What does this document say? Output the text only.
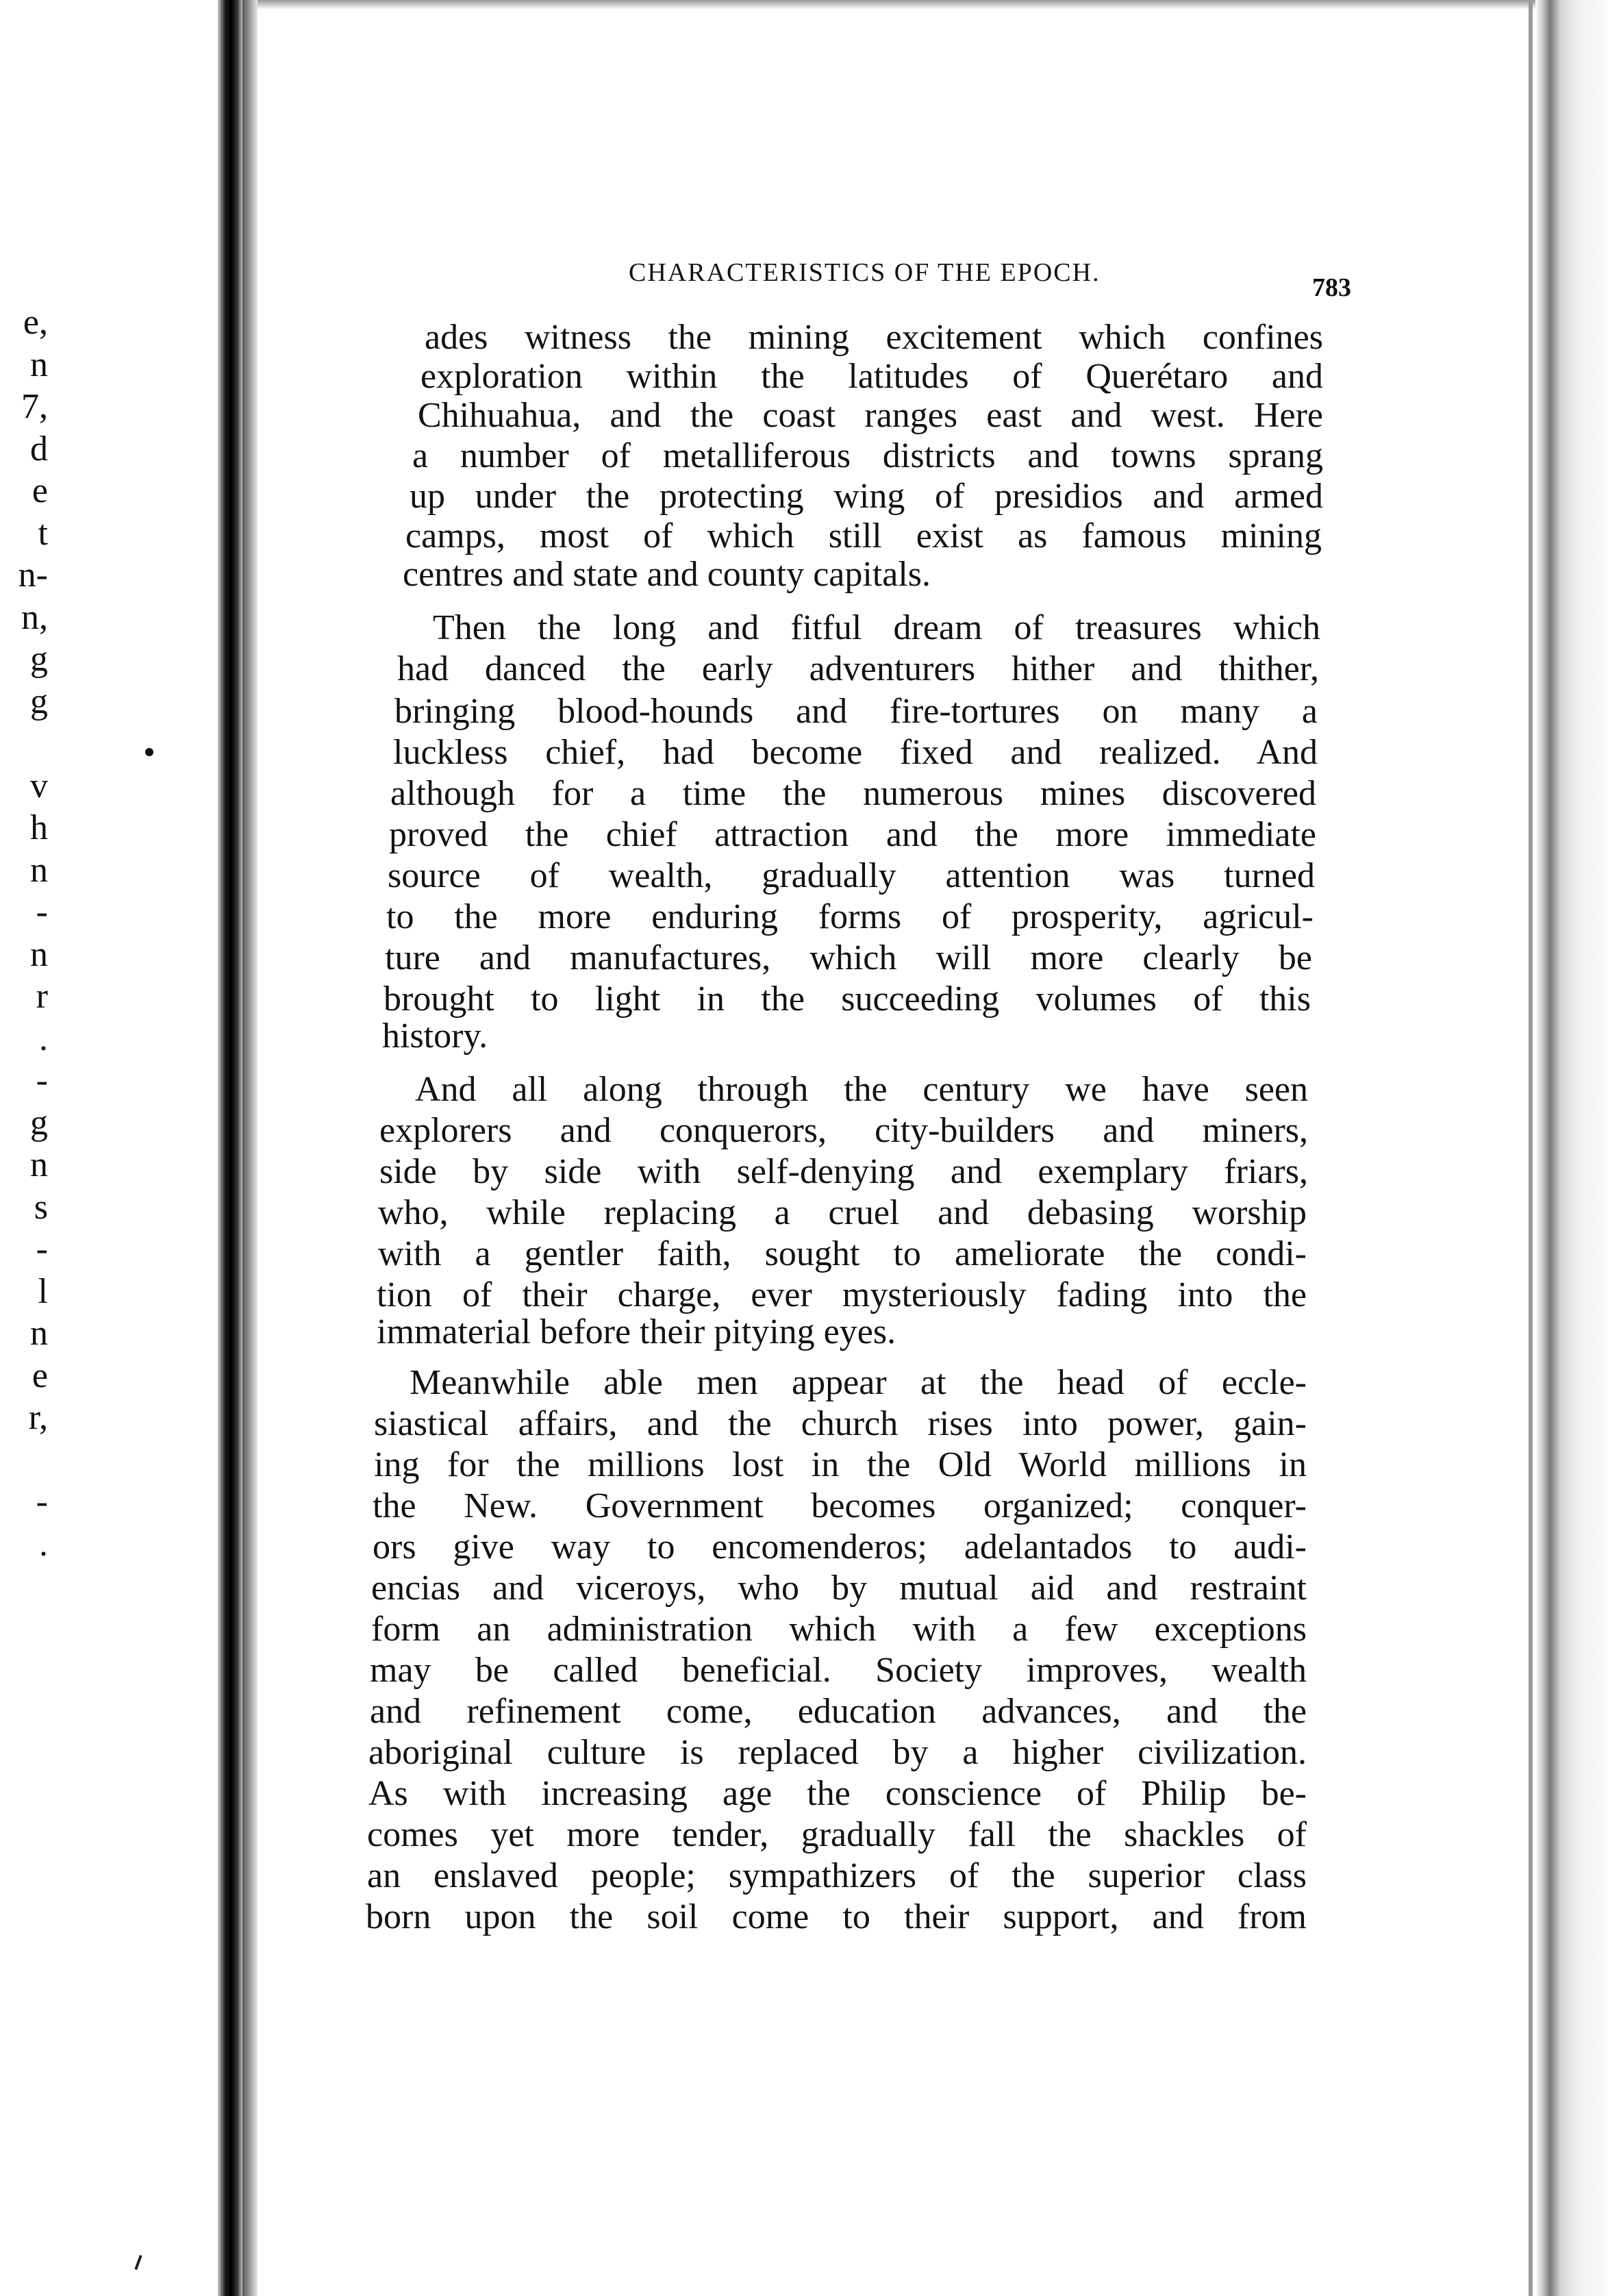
e,
n
7,
d
e
t
n-
n,
g
g
v
h
n
-
n
r
.
-
g
n
s
-
l
n
e
r,
-
.
CHARACTERISTICS OF THE EPOCH.
783
ades witness the mining excitement which confines
exploration within the latitudes of Querétaro and
Chihuahua, and the coast ranges east and west. Here
a number of metalliferous districts and towns sprang
up under the protecting wing of presidios and armed
camps, most of which still exist as famous mining
centres and state and county capitals.
Then the long and fitful dream of treasures which
had danced the early adventurers hither and thither,
bringing blood-hounds and fire-tortures on many a
luckless chief, had become fixed and realized. And
although for a time the numerous mines discovered
proved the chief attraction and the more immediate
source of wealth, gradually attention was turned
to the more enduring forms of prosperity, agricul-
ture and manufactures, which will more clearly be
brought to light in the succeeding volumes of this
history.
And all along through the century we have seen
explorers and conquerors, city-builders and miners,
side by side with self-denying and exemplary friars,
who, while replacing a cruel and debasing worship
with a gentler faith, sought to ameliorate the condi-
tion of their charge, ever mysteriously fading into the
immaterial before their pitying eyes.
Meanwhile able men appear at the head of eccle-
siastical affairs, and the church rises into power, gain-
ing for the millions lost in the Old World millions in
the New. Government becomes organized; conquer-
ors give way to encomenderos; adelantados to audi-
encias and viceroys, who by mutual aid and restraint
form an administration which with a few exceptions
may be called beneficial. Society improves, wealth
and refinement come, education advances, and the
aboriginal culture is replaced by a higher civilization.
As with increasing age the conscience of Philip be-
comes yet more tender, gradually fall the shackles of
an enslaved people; sympathizers of the superior class
born upon the soil come to their support, and from
